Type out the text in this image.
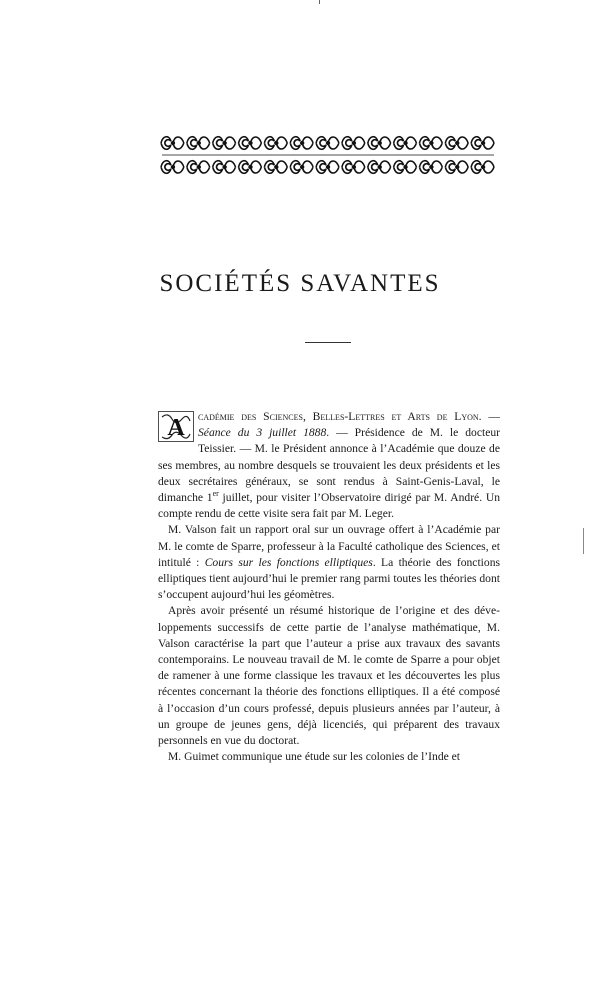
SOCIÉTÉS SAVANTES

A cadémie des Sciences, Belles-Lettres et Arts de Lyon. — Séance du 3 juillet 1888. — Présidence de M. le docteur Teissier. — M. le Président annonce à l’Académie que douze de ses membres, au nombre desquels se trouvaient les deux présidents et les deux secrétaires généraux, se sont rendus à Saint-Genis-Laval, le dimanche 1er juillet, pour visiter l’Observatoire dirigé par M. André. Un compte rendu de cette visite sera fait par M. Leger.

M. Valson fait un rapport oral sur un ouvrage offert à l’Académie par M. le comte de Sparre, professeur à la Faculté catholique des Sciences, et intitulé : Cours sur les fonctions elliptiques. La théorie des fonctions elliptiques tient aujourd’hui le premier rang parmi toutes les théories dont s’occupent aujourd’hui les géomètres.

Après avoir présenté un résumé historique de l’origine et des développements successifs de cette partie de l’analyse mathématique, M. Valson caractérise la part que l’auteur a prise aux travaux des savants contemporains. Le nouveau travail de M. le comte de Sparre a pour objet de ramener à une forme classique les travaux et les découvertes les plus récentes concernant la théorie des fonctions elliptiques. Il a été composé à l’occasion d’un cours professé, depuis plusieurs années par l’auteur, à un groupe de jeunes gens, déjà licenciés, qui préparent des travaux personnels en vue du doctorat.

M. Guimet communique une étude sur les colonies de l’Inde et
